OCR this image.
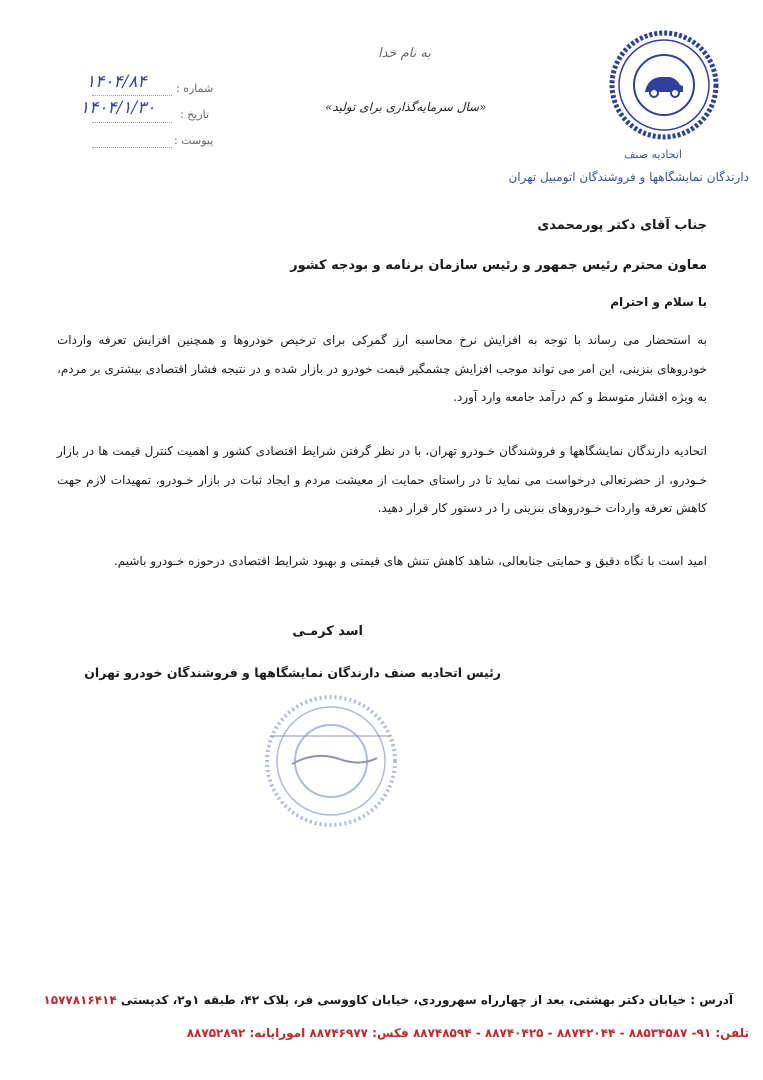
اتحادیه صنف
دارندگان نمایشگاهها و فروشندگان اتومبیل تهران
به نام خدا
«سال سرمایه‌گذاری برای تولید»
شماره :
۱۴۰۴/۸۴
تاریخ :
۱۴۰۴/۱/۳۰
پیوست :
جناب آقای دکتر پورمحمدی
معاون محترم رئیس جمهور و رئیس سازمان برنامه و بودجه کشور
با سلام و احترام
به استحضار می رساند با توجه به افزایش نرخ محاسبه ارز گمرکی برای ترخیص خودروها و همچنین افزایش تعرفه واردات خودروهای بنزینی، این امر می تواند موجب افزایش چشمگیر قیمت خودرو در بازار شده و در نتیجه فشار اقتصادی بیشتری بر مردم، به ویژه اقشار متوسط و کم درآمد جامعه وارد آورد.
اتحادیه دارندگان نمایشگاهها و فروشندگان خـودرو تهران، با در نظر گرفتن شرایط اقتصادی کشور و اهمیت کنترل قیمت ها در بازار خـودرو، از حضرتعالی درخواست می نماید تا در راستای حمایت از معیشت مردم و ایجاد ثبات در بازار خـودرو، تمهیدات لازم جهت کاهش تعرفه واردات خـودروهای بنزینی را در دستور کار قرار دهید.
امید است با نگاه دقیق و حمایتی جنابعالی، شاهد کاهش تنش های قیمتی و بهبود شرایط اقتصادی درحوزه خـودرو باشیم.
اسد کرمـی
رئیس اتحادیه صنف دارندگان نمایشگاهها و فروشندگان خودرو تهران
آدرس : خیابان دکتر بهشتی، بعد از چهارراه سهروردی، خیابان کاووسی فر، پلاک ۴۲، طبقه ۱و۲، کدپستی ۱۵۷۷۸۱۶۴۱۴
تلفن: ۹۱- ۸۸۵۳۴۵۸۷ - ۸۸۷۴۲۰۴۴ - ۸۸۷۴۰۴۲۵ - ۸۸۷۴۸۵۹۴ فکس: ۸۸۷۴۶۹۷۷ امورایانه: ۸۸۷۵۲۸۹۲
